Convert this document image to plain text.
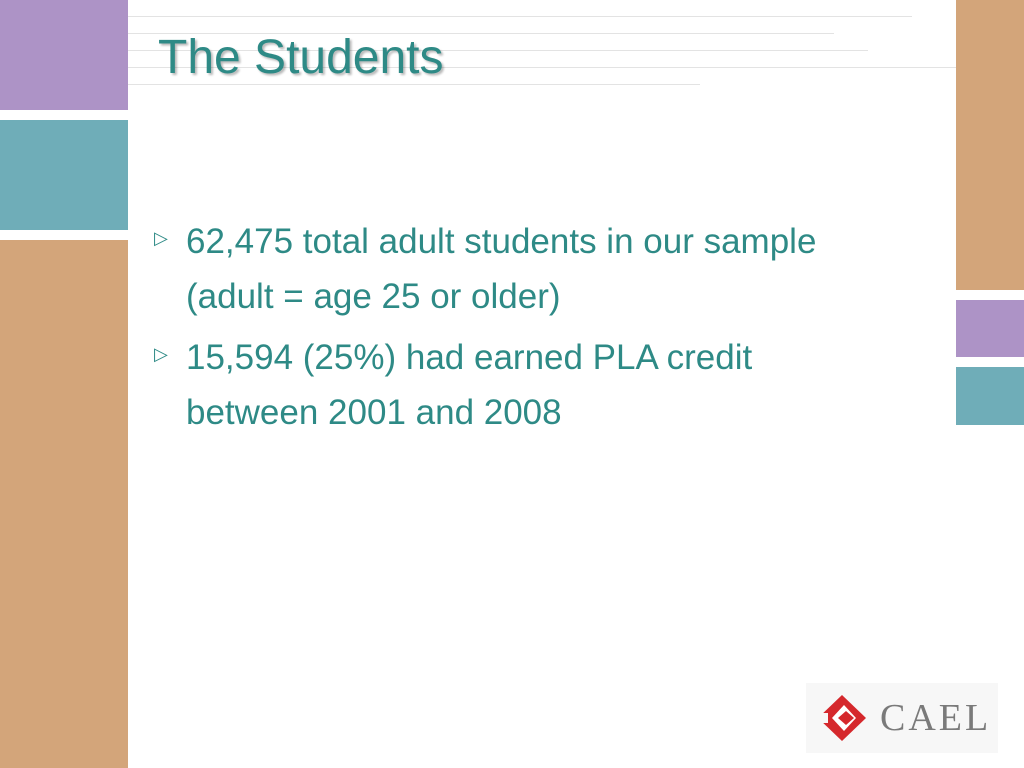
The Students
▷ 62,475 total adult students in our sample (adult = age 25 or older)
▷ 15,594 (25%) had earned PLA credit between 2001 and 2008
CAEL
